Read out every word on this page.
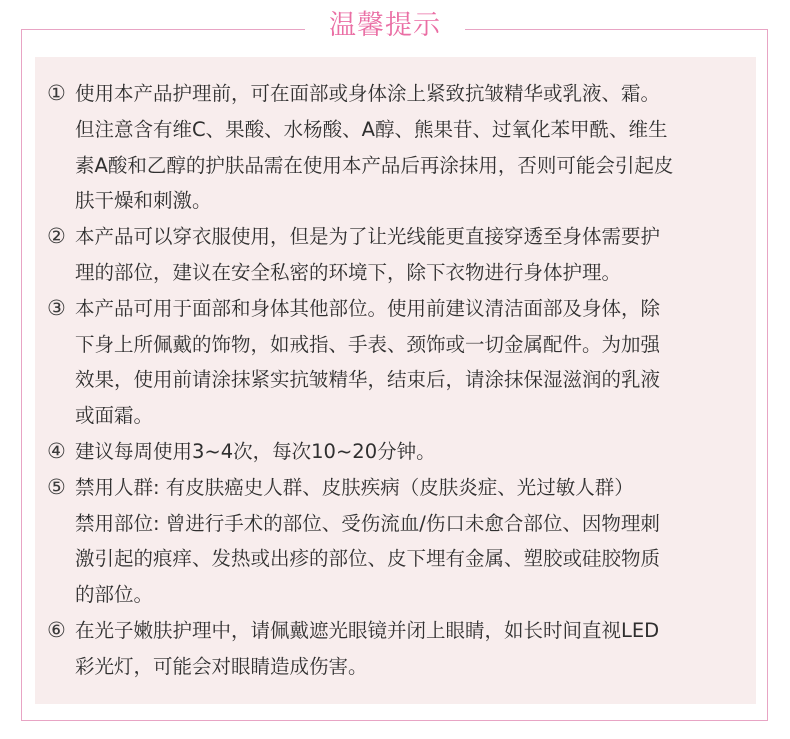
温馨提示
① 使用本产品护理前，可在面部或身体涂上紧致抗皱精华或乳液、霜。
但注意含有维C、果酸、水杨酸、A醇、熊果苷、过氧化苯甲酰、维生
素A酸和乙醇的护肤品需在使用本产品后再涂抹用，否则可能会引起皮
肤干燥和刺激。
② 本产品可以穿衣服使用，但是为了让光线能更直接穿透至身体需要护
理的部位，建议在安全私密的环境下，除下衣物进行身体护理。
③ 本产品可用于面部和身体其他部位。使用前建议清洁面部及身体，除
下身上所佩戴的饰物，如戒指、手表、颈饰或一切金属配件。为加强
效果，使用前请涂抹紧实抗皱精华，结束后，请涂抹保湿滋润的乳液
或面霜。
④ 建议每周使用3~4次，每次10~20分钟。
⑤ 禁用人群: 有皮肤癌史人群、皮肤疾病（皮肤炎症、光过敏人群）
禁用部位: 曾进行手术的部位、受伤流血/伤口未愈合部位、因物理刺
激引起的痕痒、发热或出疹的部位、皮下埋有金属、塑胶或硅胶物质
的部位。
⑥ 在光子嫩肤护理中，请佩戴遮光眼镜并闭上眼睛，如长时间直视LED
彩光灯，可能会对眼睛造成伤害。
